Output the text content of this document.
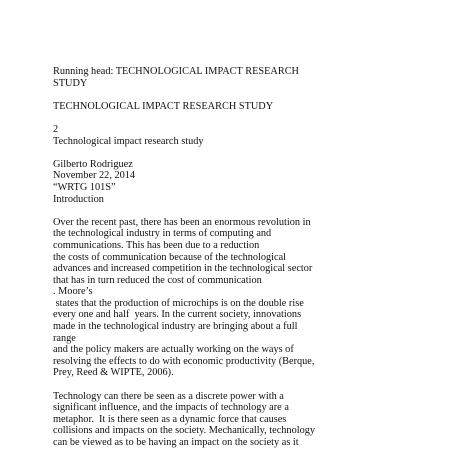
Running head: TECHNOLOGICAL IMPACT RESEARCH
STUDY
TECHNOLOGICAL IMPACT RESEARCH STUDY
2
Technological impact research study
Gilberto Rodriguez
November 22, 2014
“WRTG 101S”
Introduction
Over the recent past, there has been an enormous revolution in
the technological industry in terms of computing and
communications. This has been due to a reduction
the costs of communication because of the technological
advances and increased competition in the technological sector
that has in turn reduced the cost of communication
. Moore’s
states that the production of microchips is on the double rise
every one and half  years. In the current society, innovations
made in the technological industry are bringing about a full
range
and the policy makers are actually working on the ways of
resolving the effects to do with economic productivity (Berque,
Prey, Reed & WIPTE, 2006).
Technology can there be seen as a discrete power with a
significant influence, and the impacts of technology are a
metaphor.  It is there seen as a dynamic force that causes
collisions and impacts on the society. Mechanically, technology
can be viewed as to be having an impact on the society as it
